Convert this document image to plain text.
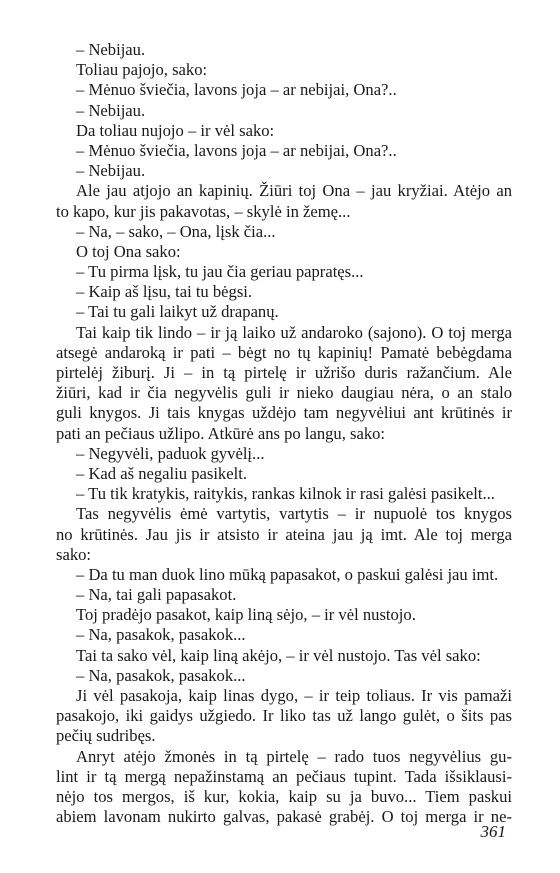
– Nebijau.
Toliau pajojo, sako:
– Mėnuo šviečia, lavons joja – ar nebijai, Ona?..
– Nebijau.
Da toliau nujojo – ir vėl sako:
– Mėnuo šviečia, lavons joja – ar nebijai, Ona?..
– Nebijau.
Ale jau atjojo an kapinių. Žiūri toj Ona – jau kryžiai. Atėjo an
to kapo, kur jis pakavotas, – skylė in žemę...
– Na, – sako, – Ona, lįsk čia...
O toj Ona sako:
– Tu pirma lįsk, tu jau čia geriau papratęs...
– Kaip aš lįsu, tai tu bėgsi.
– Tai tu gali laikyt už drapanų.
Tai kaip tik lindo – ir ją laiko už andaroko (sajono). O toj merga
atsegė andaroką ir pati – bėgt no tų kapinių! Pamatė bebėgdama
pirtelėj žiburį. Ji – in tą pirtelę ir užrišo duris ražančium. Ale
žiūri, kad ir čia negyvėlis guli ir nieko daugiau nėra, o an stalo
guli knygos. Ji tais knygas uždėjo tam negyvėliui ant krūtinės ir
pati an pečiaus užlipo. Atkūrė ans po langu, sako:
– Negyvėli, paduok gyvėlį...
– Kad aš negaliu pasikelt.
– Tu tik kratykis, raitykis, rankas kilnok ir rasi galėsi pasikelt...
Tas negyvėlis ėmė vartytis, vartytis – ir nupuolė tos knygos
no krūtinės. Jau jis ir atsisto ir ateina jau ją imt. Ale toj merga
sako:
– Da tu man duok lino mūką papasakot, o paskui galėsi jau imt.
– Na, tai gali papasakot.
Toj pradėjo pasakot, kaip liną sėjo, – ir vėl nustojo.
– Na, pasakok, pasakok...
Tai ta sako vėl, kaip liną akėjo, – ir vėl nustojo. Tas vėl sako:
– Na, pasakok, pasakok...
Ji vėl pasakoja, kaip linas dygo, – ir teip toliaus. Ir vis pamaži
pasakojo, iki gaidys užgiedo. Ir liko tas už lango gulėt, o šits pas
pečių sudribęs.
Anryt atėjo žmonės in tą pirtelę – rado tuos negyvėlius gu-
lint ir tą mergą nepažinstamą an pečiaus tupint. Tada išsiklausi-
nėjo tos mergos, iš kur, kokia, kaip su ja buvo... Tiem paskui
abiem lavonam nukirto galvas, pakasė grabėj. O toj merga ir ne-
361
